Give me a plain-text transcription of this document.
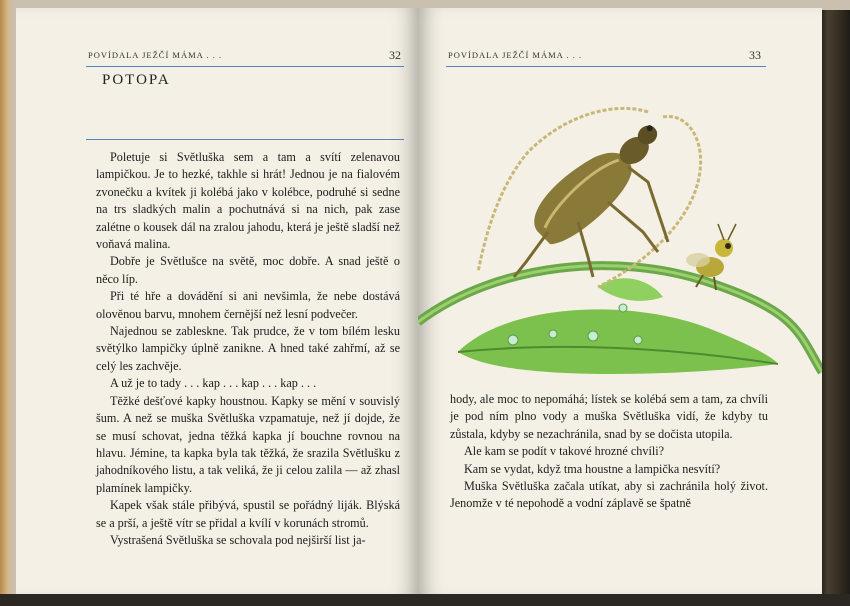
POVÍDALA JEŽČÍ MÁMA . . .	32
POTOPA

Poletuje si Světluška sem a tam a svítí zelenavou lampičkou. Je to hezké, takhle si hrát! Jednou je na fialovém zvonečku a kvítek ji kolébá jako v kolébce, podruhé si sedne na trs sladkých malin a pochutnává si na nich, pak zase zalétne o kousek dál na zralou jahodu, která je ještě sladší než voňavá malina.

Dobře je Světlušce na světě, moc dobře. A snad ještě o něco líp.

Při té hře a dovádění si ani nevšimla, že nebe dostává olověnou barvu, mnohem černější než lesní podvečer.

Najednou se zableskne. Tak prudce, že v tom bílém lesku světýlko lampičky úplně zanikne. A hned také zahřmí, až se celý les zachvěje.

A už je to tady . . . kap . . . kap . . . kap . . .

Těžké dešťové kapky houstnou. Kapky se mění v souvislý šum. A než se muška Světluška vzpamatuje, než jí dojde, že se musí schovat, jedna těžká kapka jí bouchne rovnou na hlavu. Jémine, ta kapka byla tak těžká, že srazila Světlušku z jahodníkového listu, a tak veliká, že ji celou zalila — až zhasl plamínek lampičky.

Kapek však stále přibývá, spustil se pořádný liják. Blýská se a prší, a ještě vítr se přidal a kvílí v korunách stromů.

Vystrašená Světluška se schovala pod nejširší list ja-

POVÍDALA JEŽČÍ MÁMA . . .	33

hody, ale moc to nepomáhá; lístek se kolébá sem a tam, za chvíli je pod ním plno vody a muška Světluška vidí, že kdyby tu zůstala, kdyby se nezachránila, snad by se dočista utopila.

Ale kam se podít v takové hrozné chvíli?

Kam se vydat, když tma houstne a lampička nesvítí?

Muška Světluška začala utíkat, aby si zachránila holý život. Jenomže v té nepohodě a vodní záplavě se špatně
